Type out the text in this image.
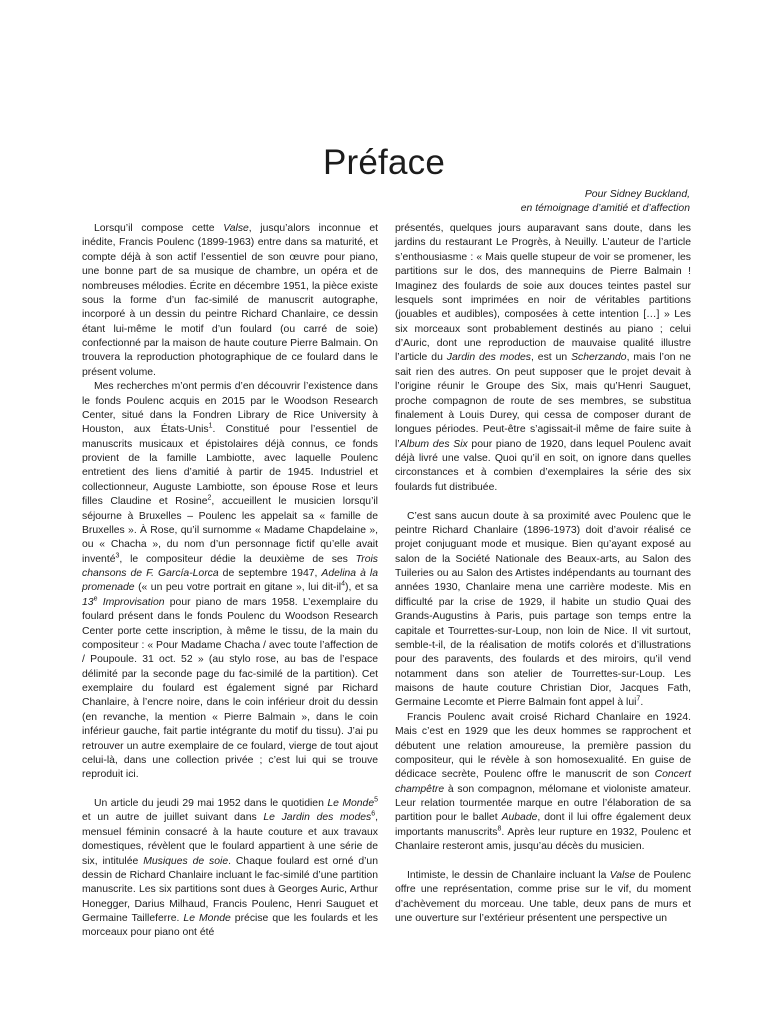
Préface
Pour Sidney Buckland,
en témoignage d’amitié et d’affection

Lorsqu’il compose cette Valse, jusqu’alors inconnue et inédite, Francis Poulenc (1899-1963) entre dans sa maturité, et compte déjà à son actif l’essentiel de son œuvre pour piano, une bonne part de sa musique de chambre, un opéra et de nombreuses mélodies. Écrite en décembre 1951, la pièce existe sous la forme d’un fac-similé de manuscrit autographe, incorporé à un dessin du peintre Richard Chanlaire, ce dessin étant lui-même le motif d’un foulard (ou carré de soie) confectionné par la maison de haute couture Pierre Balmain. On trouvera la reproduction photographique de ce foulard dans le présent volume.

Mes recherches m’ont permis d’en découvrir l’existence dans le fonds Poulenc acquis en 2015 par le Woodson Research Center, situé dans la Fondren Library de Rice University à Houston, aux États-Unis$^1$. Constitué pour l’essentiel de manuscrits musicaux et épistolaires déjà connus, ce fonds provient de la famille Lambiotte, avec laquelle Poulenc entretient des liens d’amitié à partir de 1945. Industriel et collectionneur, Auguste Lambiotte, son épouse Rose et leurs filles Claudine et Rosine$^2$, accueillent le musicien lorsqu’il séjourne à Bruxelles – Poulenc les appelait sa « famille de Bruxelles ». À Rose, qu’il surnomme « Madame Chapdelaine », ou « Chacha », du nom d’un personnage fictif qu’elle avait inventé$^3$, le compositeur dédie la deuxième de ses Trois chansons de F. García-Lorca de septembre 1947, Adelina à la promenade (« un peu votre portrait en gitane », lui dit-$il^4$), et sa 13e Improvisation pour piano de mars 1958. L’exemplaire du foulard présent dans le fonds Poulenc du Woodson Research Center porte cette inscription, à même le tissu, de la main du compositeur : « Pour Madame Chacha / avec toute l’affection de / Poupoule. 31 oct. 52 » (au stylo rose, au bas de l’espace délimité par la seconde page du fac-similé de la partition). Cet exemplaire du foulard est également signé par Richard Chanlaire, à l’encre noire, dans le coin inférieur droit du dessin (en revanche, la mention « Pierre Balmain », dans le coin inférieur gauche, fait partie intégrante du motif du tissu). J’ai pu retrouver un autre exemplaire de ce foulard, vierge de tout ajout celui-là, dans une collection privée ; c’est lui qui se trouve reproduit ici.

Un article du jeudi 29 mai 1952 dans le quotidien Le Monde$^5$ et un autre de juillet suivant dans Le Jardin des modes$^6$, mensuel féminin consacré à la haute couture et aux travaux domestiques, révèlent que le foulard appartient à une série de six, intitulée Musiques de soie. Chaque foulard est orné d’un dessin de Richard Chanlaire incluant le fac-similé d’une partition manuscrite. Les six partitions sont dues à Georges Auric, Arthur Honegger, Darius Milhaud, Francis Poulenc, Henri Sauguet et Germaine Tailleferre. Le Monde précise que les foulards et les morceaux pour piano ont été

présentés, quelques jours auparavant sans doute, dans les jardins du restaurant Le Progrès, à Neuilly. L’auteur de l’article s’enthousiasme : « Mais quelle stupeur de voir se promener, les partitions sur le dos, des mannequins de Pierre Balmain ! Imaginez des foulards de soie aux douces teintes pastel sur lesquels sont imprimées en noir de véritables partitions (jouables et audibles), composées à cette intention […] » Les six morceaux sont probablement destinés au piano ; celui d’Auric, dont une reproduction de mauvaise qualité illustre l’article du Jardin des modes, est un Scherzando, mais l’on ne sait rien des autres. On peut supposer que le projet devait à l’origine réunir le Groupe des Six, mais qu’Henri Sauguet, proche compagnon de route de ses membres, se substitua finalement à Louis Durey, qui cessa de composer durant de longues périodes. Peut-être s’agissait-il même de faire suite à l’Album des Six pour piano de 1920, dans lequel Poulenc avait déjà livré une valse. Quoi qu’il en soit, on ignore dans quelles circonstances et à combien d’exemplaires la série des six foulards fut distribuée.

C’est sans aucun doute à sa proximité avec Poulenc que le peintre Richard Chanlaire (1896-1973) doit d’avoir réalisé ce projet conjuguant mode et musique. Bien qu’ayant exposé au salon de la Société Nationale des Beaux-arts, au Salon des Tuileries ou au Salon des Artistes indépendants au tournant des années 1930, Chanlaire mena une carrière modeste. Mis en difficulté par la crise de 1929, il habite un studio Quai des Grands-Augustins à Paris, puis partage son temps entre la capitale et Tourrettes-sur-Loup, non loin de Nice. Il vit surtout, semble-t-il, de la réalisation de motifs colorés et d’illustrations pour des paravents, des foulards et des miroirs, qu’il vend notamment dans son atelier de Tourrettes-sur-Loup. Les maisons de haute couture Christian Dior, Jacques Fath, Germaine Lecomte et Pierre Balmain font appel à lui$^7$.

Francis Poulenc avait croisé Richard Chanlaire en 1924. Mais c’est en 1929 que les deux hommes se rapprochent et débutent une relation amoureuse, la première passion du compositeur, qui le révèle à son homosexualité. En guise de dédicace secrète, Poulenc offre le manuscrit de son Concert champêtre à son compagnon, mélomane et violoniste amateur. Leur relation tourmentée marque en outre l’élaboration de sa partition pour le ballet Aubade, dont il lui offre également deux importants manuscrits$^8$. Après leur rupture en 1932, Poulenc et Chanlaire resteront amis, jusqu’au décès du musicien.

Intimiste, le dessin de Chanlaire incluant la Valse de Poulenc offre une représentation, comme prise sur le vif, du moment d’achèvement du morceau. Une table, deux pans de murs et une ouverture sur l’extérieur présentent une perspective un
